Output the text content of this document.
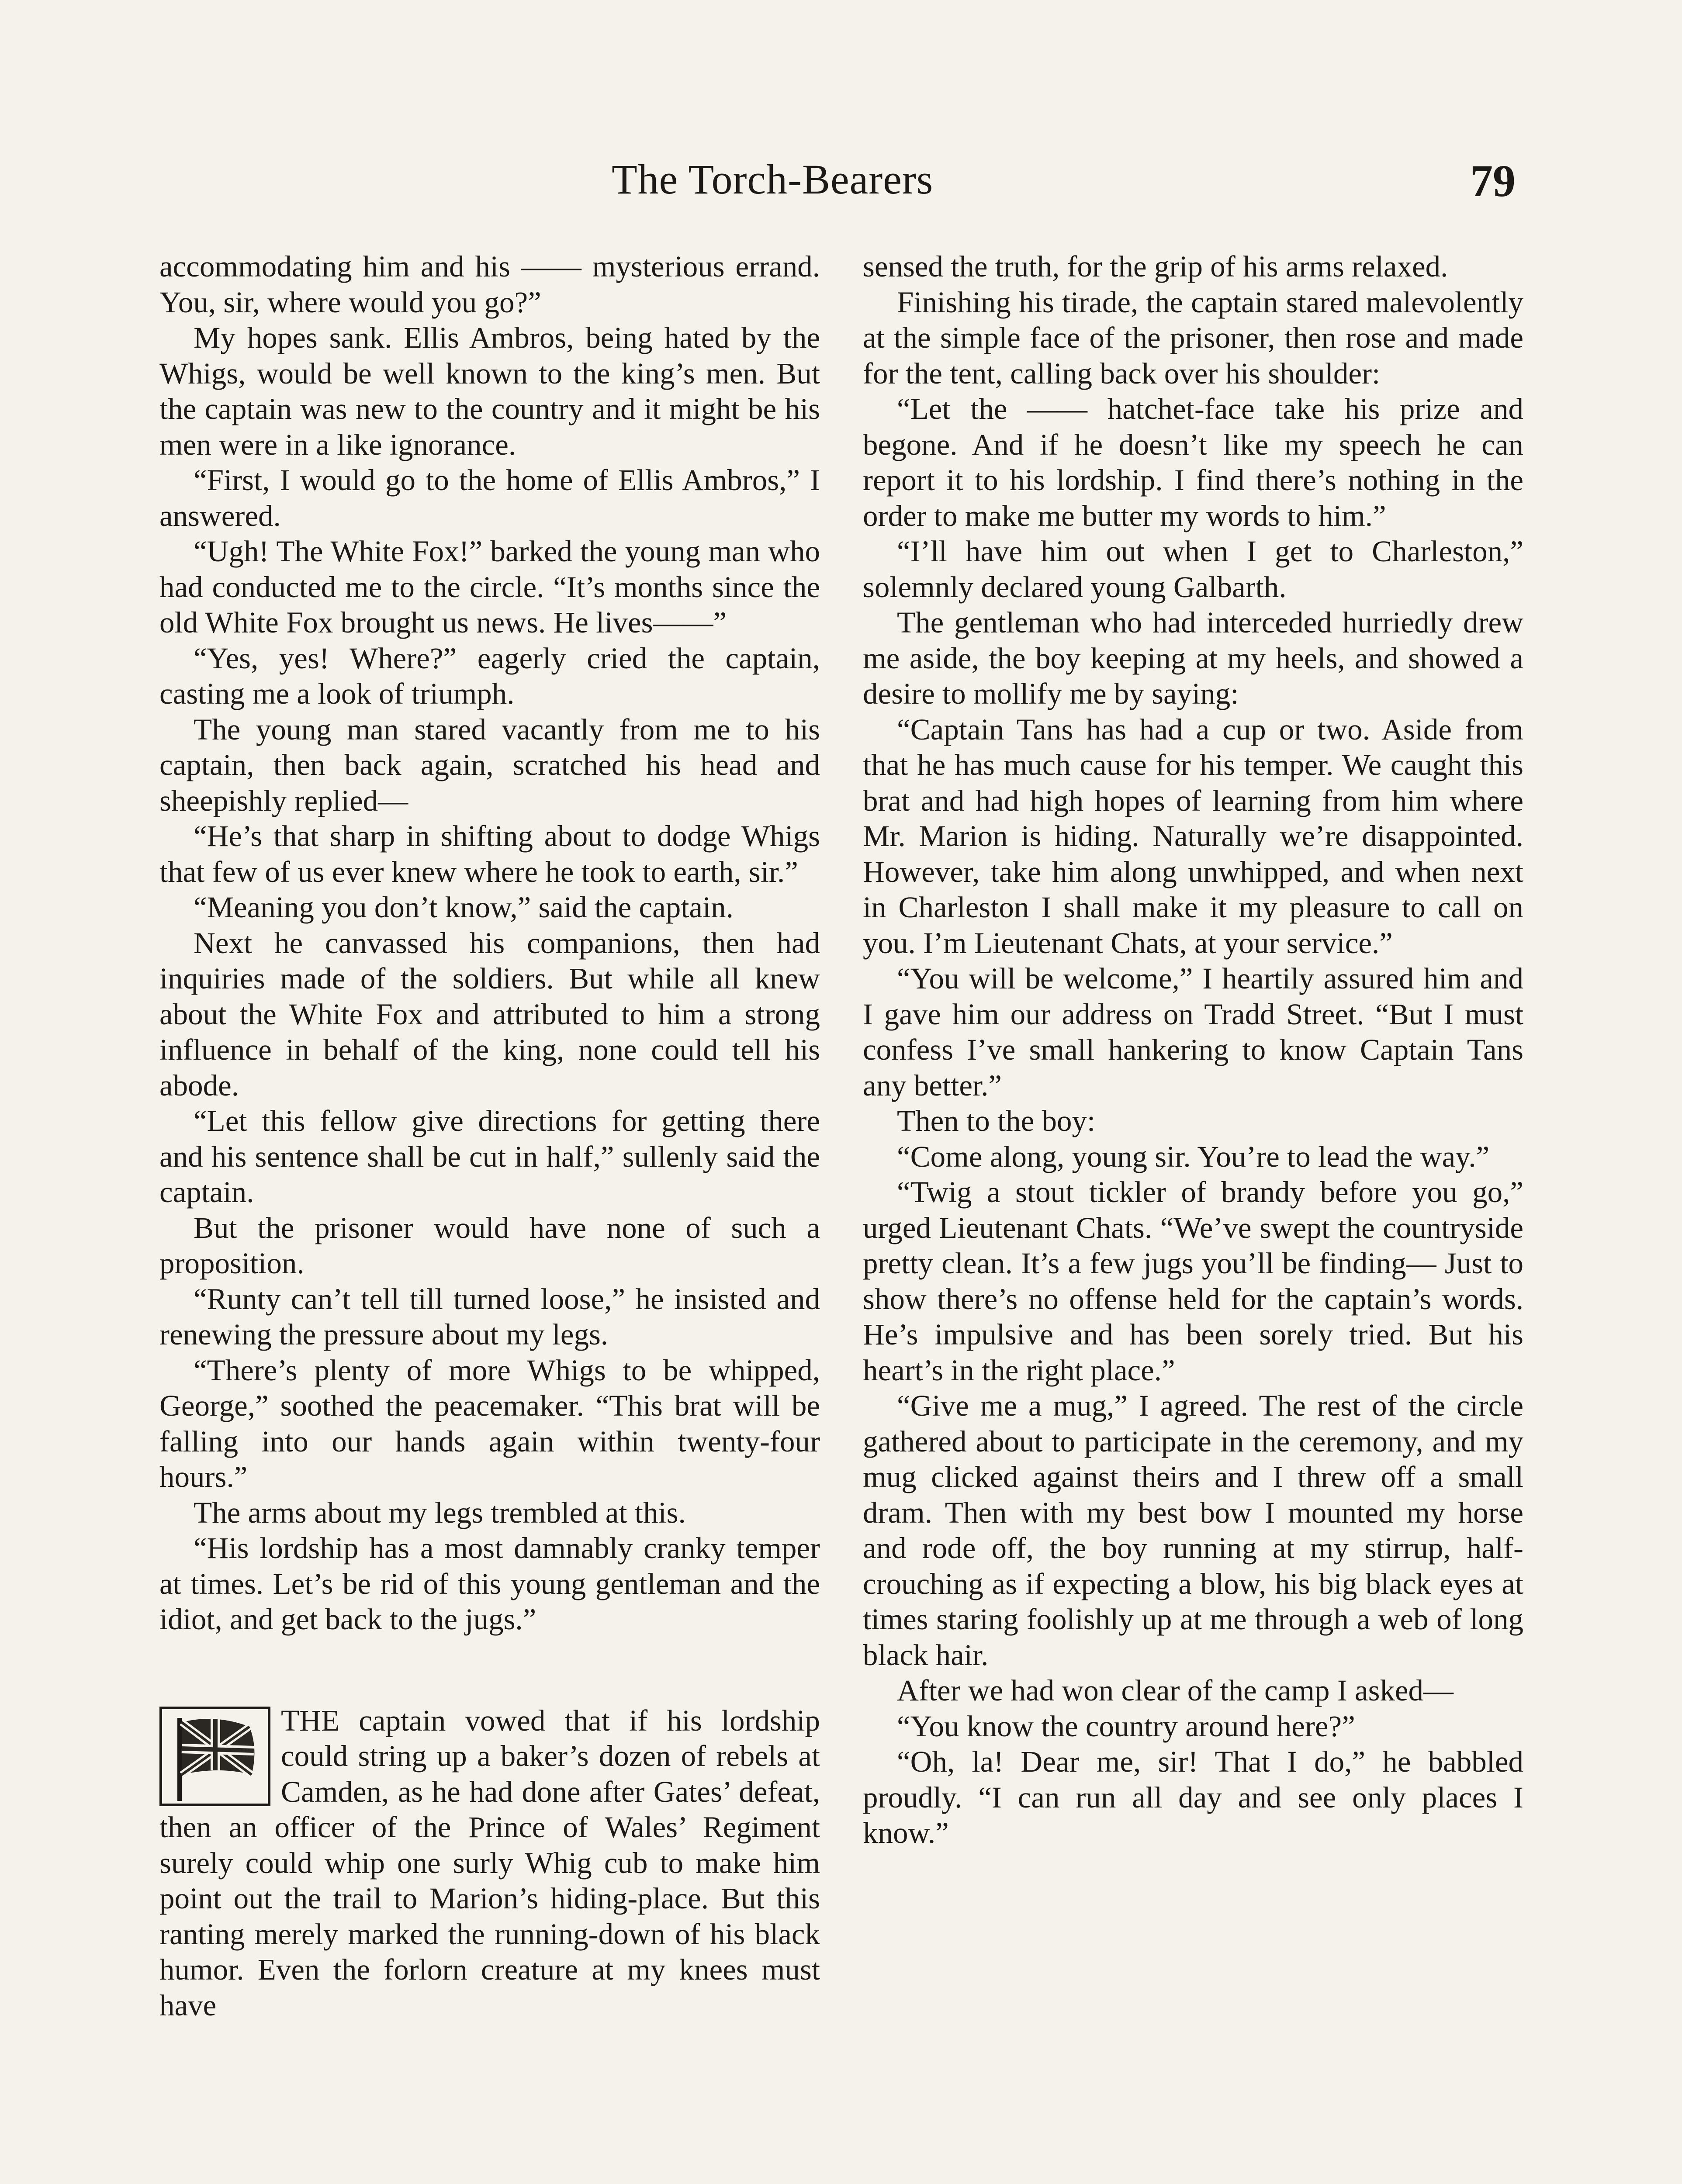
The Torch-Bearers	79

accommodating him and his —— mysterious errand. You, sir, where would you go?”

My hopes sank. Ellis Ambros, being hated by the Whigs, would be well known to the king’s men. But the captain was new to the country and it might be his men were in a like ignorance.

“First, I would go to the home of Ellis Ambros,” I answered.

“Ugh! The White Fox!” barked the young man who had conducted me to the circle. “It’s months since the old White Fox brought us news. He lives——”

“Yes, yes! Where?” eagerly cried the captain, casting me a look of triumph.

The young man stared vacantly from me to his captain, then back again, scratched his head and sheepishly replied—

“He’s that sharp in shifting about to dodge Whigs that few of us ever knew where he took to earth, sir.”

“Meaning you don’t know,” said the captain.

Next he canvassed his companions, then had inquiries made of the soldiers. But while all knew about the White Fox and attributed to him a strong influence in behalf of the king, none could tell his abode.

“Let this fellow give directions for getting there and his sentence shall be cut in half,” sullenly said the captain.

But the prisoner would have none of such a proposition.

“Runty can’t tell till turned loose,” he insisted and renewing the pressure about my legs.

“There’s plenty of more Whigs to be whipped, George,” soothed the peacemaker. “This brat will be falling into our hands again within twenty-four hours.”

The arms about my legs trembled at this.

“His lordship has a most damnably cranky temper at times. Let’s be rid of this young gentleman and the idiot, and get back to the jugs.”

THE captain vowed that if his lordship could string up a baker’s dozen of rebels at Camden, as he had done after Gates’ defeat, then an officer of the Prince of Wales’ Regiment surely could whip one surly Whig cub to make him point out the trail to Marion’s hiding-place. But this ranting merely marked the running-down of his black humor. Even the forlorn creature at my knees must have

sensed the truth, for the grip of his arms relaxed.

Finishing his tirade, the captain stared malevolently at the simple face of the prisoner, then rose and made for the tent, calling back over his shoulder:

“Let the —— hatchet-face take his prize and begone. And if he doesn’t like my speech he can report it to his lordship. I find there’s nothing in the order to make me butter my words to him.”

“I’ll have him out when I get to Charleston,” solemnly declared young Galbarth.

The gentleman who had interceded hurriedly drew me aside, the boy keeping at my heels, and showed a desire to mollify me by saying:

“Captain Tans has had a cup or two. Aside from that he has much cause for his temper. We caught this brat and had high hopes of learning from him where Mr. Marion is hiding. Naturally we’re disappointed. However, take him along unwhipped, and when next in Charleston I shall make it my pleasure to call on you. I’m Lieutenant Chats, at your service.”

“You will be welcome,” I heartily assured him and I gave him our address on Tradd Street. “But I must confess I’ve small hankering to know Captain Tans any better.”

Then to the boy:

“Come along, young sir. You’re to lead the way.”

“Twig a stout tickler of brandy before you go,” urged Lieutenant Chats. “We’ve swept the countryside pretty clean. It’s a few jugs you’ll be finding— Just to show there’s no offense held for the captain’s words. He’s impulsive and has been sorely tried. But his heart’s in the right place.”

“Give me a mug,” I agreed. The rest of the circle gathered about to participate in the ceremony, and my mug clicked against theirs and I threw off a small dram. Then with my best bow I mounted my horse and rode off, the boy running at my stirrup, half-crouching as if expecting a blow, his big black eyes at times staring foolishly up at me through a web of long black hair.

After we had won clear of the camp I asked—

“You know the country around here?”

“Oh, la! Dear me, sir! That I do,” he babbled proudly. “I can run all day and see only places I know.”
